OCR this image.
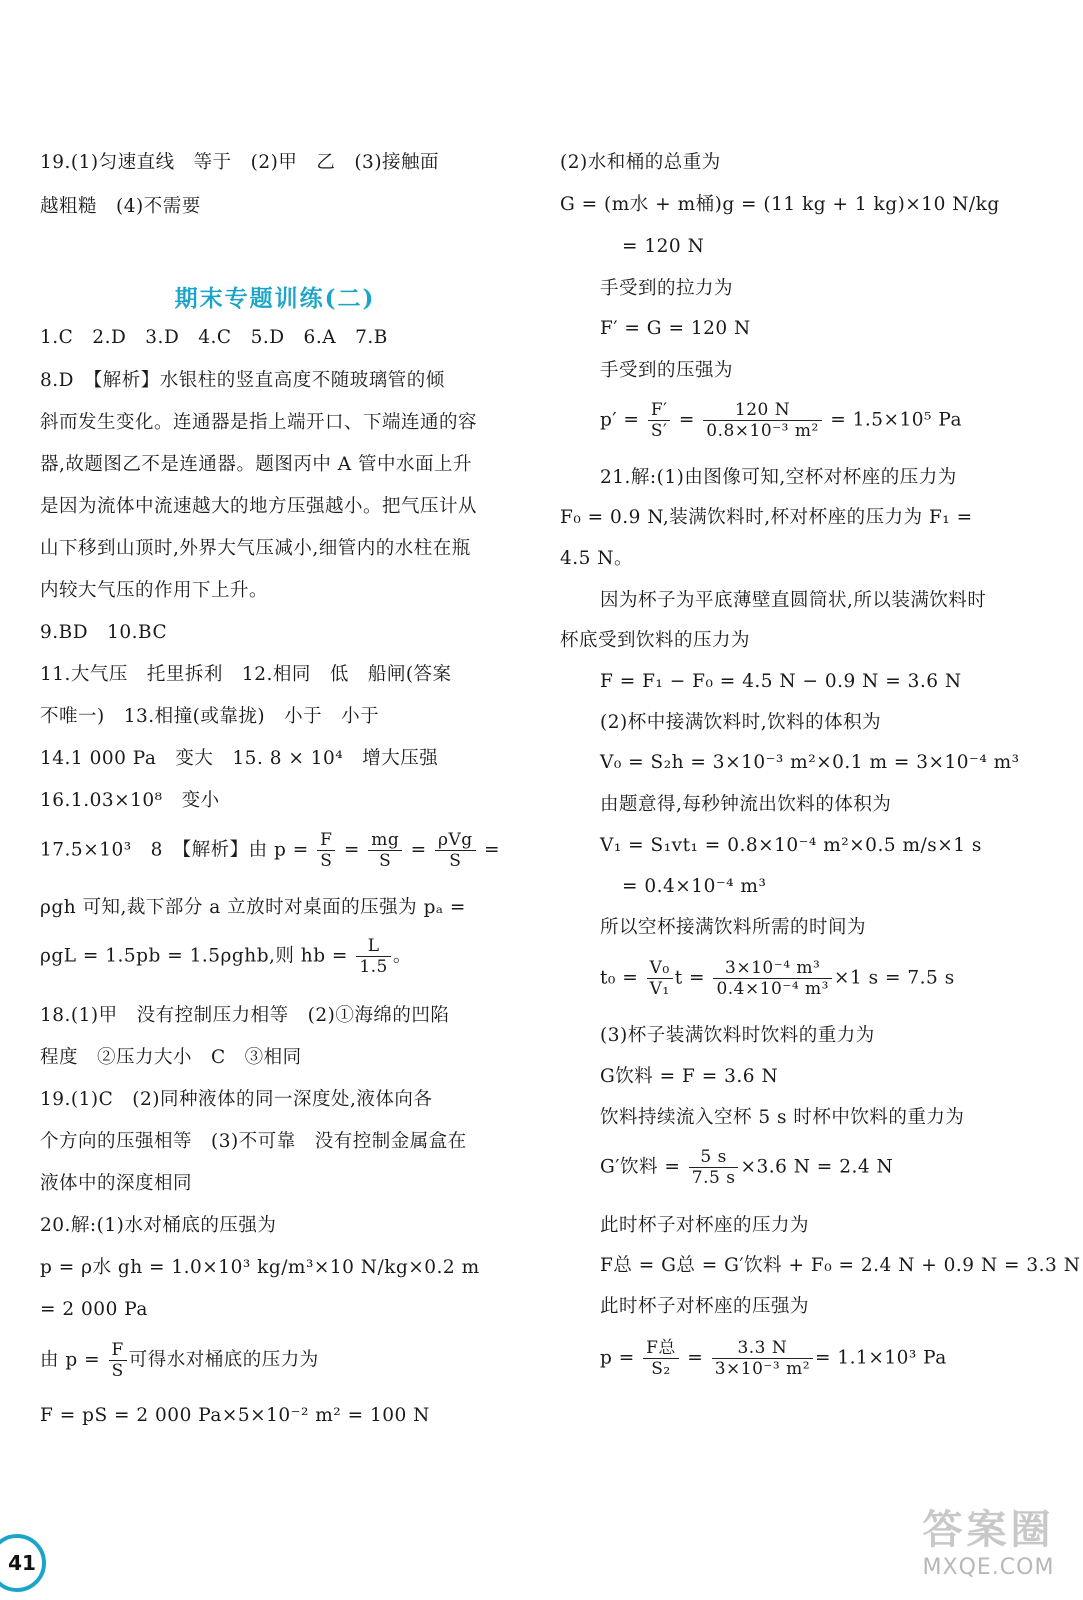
19.(1)匀速直线　等于　(2)甲　乙　(3)接触面
越粗糙　(4)不需要
期末专题训练(二)
1.C　2.D　3.D　4.C　5.D　6.A　7.B
8.D　【解析】水银柱的竖直高度不随玻璃管的倾
斜而发生变化。连通器是指上端开口、下端连通的容
器,故题图乙不是连通器。题图丙中 A 管中水面上升
是因为流体中流速越大的地方压强越小。把气压计从
山下移到山顶时,外界大气压减小,细管内的水柱在瓶
内较大气压的作用下上升。
9.BD　10.BC
11.大气压　托里拆利　12.相同　低　船闸(答案
不唯一)　13.相撞(或靠拢)　小于　小于
14.1 000 Pa　变大　15. 8 × 10⁴　增大压强
16.1.03×10⁸　变小
17.5×10³　8　【解析】由 $p = \frac{F}{S} = \frac{mg}{S} = \frac{\text{ρVg}}{S}$ =
ρgh 可知,裁下部分 a 立放时对桌面的压强为 pₐ =
ρgL = 1.5pb = 1.5ρghb,则 hb = $\frac{L}{1.5}$ 。
18.(1)甲　没有控制压力相等　(2)①海绵的凹陷
程度　②压力大小　C　③相同
19.(1)C　(2)同种液体的同一深度处,液体向各
个方向的压强相等　(3)不可靠　没有控制金属盒在
液体中的深度相同
20.解:(1)水对桶底的压强为
p = ρ水 gh = 1.0×10³ kg/m³×10 N/kg×0.2 m
= 2 000 Pa
由 $p = \frac{F}{S}$ 可得水对桶底的压力为
F = pS = 2 000 Pa×5×10⁻² m² = 100 N
(2)水和桶的总重为
G = (m水 + m桶)g = (11 kg + 1 kg)×10 N/kg
= 120 N
手受到的拉力为
F′ = G = 120 N
手受到的压强为
$p' = \frac{F'}{S'} = \frac{120 N}{\text{0.8×10⁻³ m²}} = 1.5\times 10^5$ Pa
21.解:(1)由图像可知,空杯对杯座的压力为
F₀ = 0.9 N,装满饮料时,杯对杯座的压力为 F₁ =
4.5 N。
因为杯子为平底薄壁直圆筒状,所以装满饮料时
杯底受到饮料的压力为
F = F₁ − F₀ = 4.5 N − 0.9 N = 3.6 N
(2)杯中接满饮料时,饮料的体积为
V₀ = S₂h = 3×10⁻³ m²×0.1 m = 3×10⁻⁴ m³
由题意得,每秒钟流出饮料的体积为
V₁ = S₁vt₁ = 0.8×10⁻⁴ m²×0.5 m/s×1 s
= 0.4×10⁻⁴ m³
所以空杯接满饮料所需的时间为
$t_0 = \frac{\text{V₀}}{\text{V₁}}$ $t = \frac{\text{3×10⁻⁴ m³}}{\text{0.4×10⁻⁴ m³}} \times 1$ s = 7.5 s
(3)杯子装满饮料时饮料的重力为
G饮料 = F = 3.6 N
饮料持续流入空杯 5 s 时杯中饮料的重力为
G′饮料 = $\frac{5 s}{7.5 s} \times 3.6$ N = 2.4 N
此时杯子对杯座的压力为
F总 = G总 = G′饮料 + F₀ = 2.4 N + 0.9 N = 3.3 N
此时杯子对杯座的压强为
$p = \frac{\text{F总}}{\text{S₂}} = \frac{3.3 N}{\text{3×10⁻³ m²}} = 1.1\times 10^3$ Pa
41
答案圈
MXQE.COM
